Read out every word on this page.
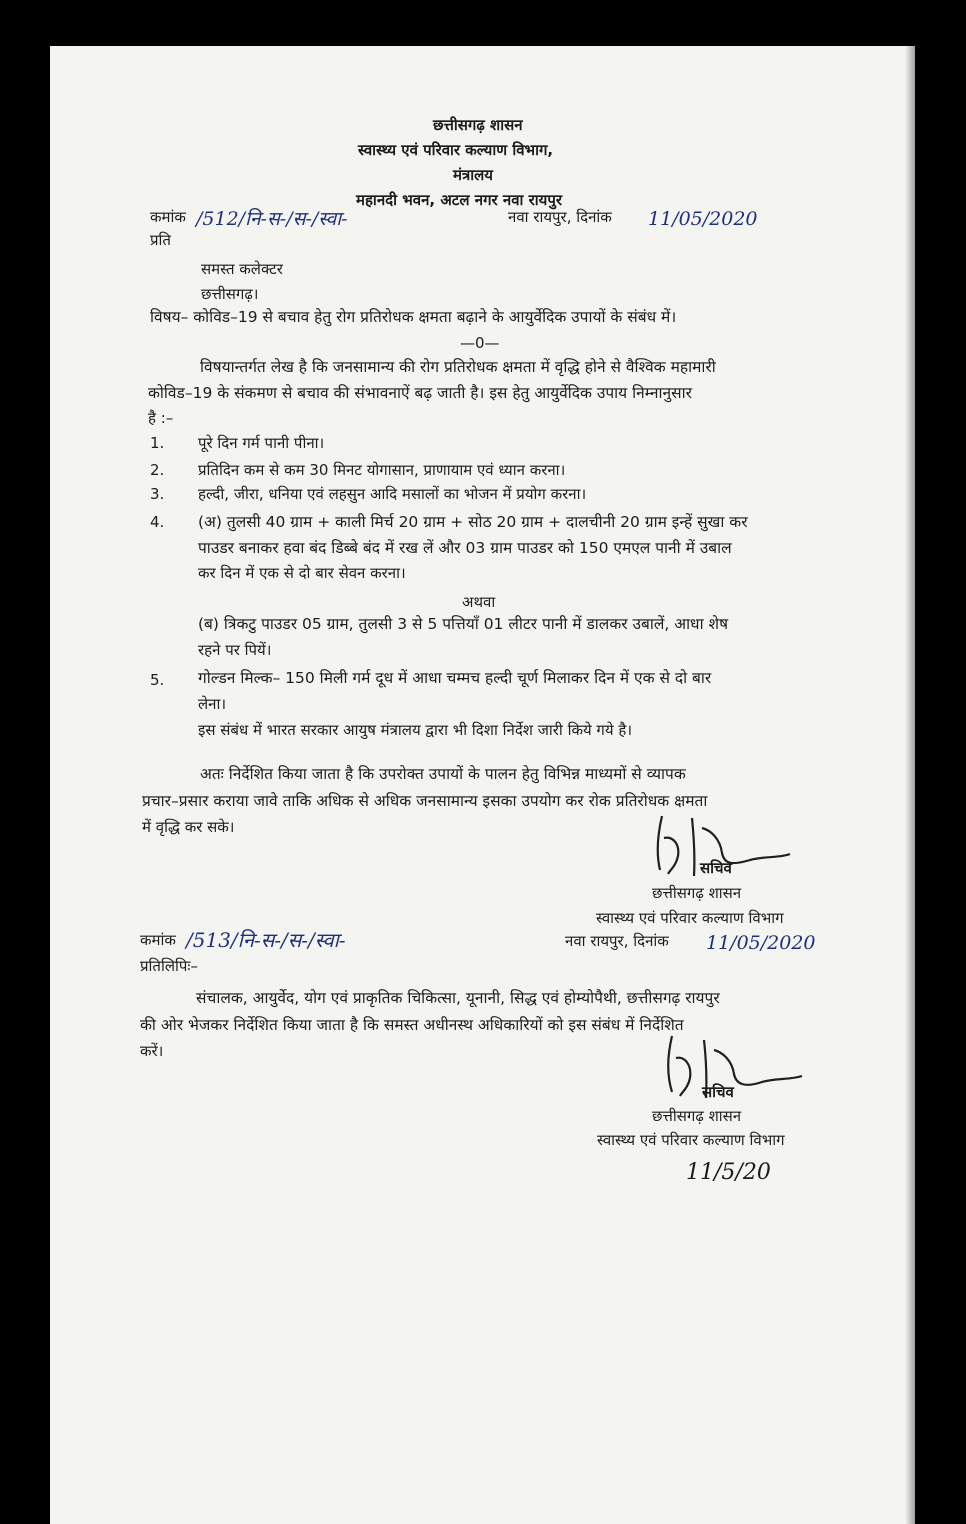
छत्तीसगढ़ शासन
स्वास्थ्य एवं परिवार कल्याण विभाग,
मंत्रालय
महानदी भवन, अटल नगर नवा रायपुर
कमांक /512/नि-स-/स-/स्वा-	नवा रायपुर, दिनांक 11/05/2020
प्रति
समस्त कलेक्टर
छत्तीसगढ़।
विषय– कोविड–19 से बचाव हेतु रोग प्रतिरोधक क्षमता बढ़ाने के आयुर्वेदिक उपायों के संबंध में।
—0—
विषयान्तर्गत लेख है कि जनसामान्य की रोग प्रतिरोधक क्षमता में वृद्धि होने से वैश्विक महामारी
कोविड–19 के संकमण से बचाव की संभावनाऐं बढ़ जाती है। इस हेतु आयुर्वेदिक उपाय निम्नानुसार
है :–
1. पूरे दिन गर्म पानी पीना।
2. प्रतिदिन कम से कम 30 मिनट योगासान, प्राणायाम एवं ध्यान करना।
3. हल्दी, जीरा, धनिया एवं लहसुन आदि मसालों का भोजन में प्रयोग करना।
4. (अ) तुलसी 40 ग्राम + काली मिर्च 20 ग्राम + सोठ 20 ग्राम + दालचीनी 20 ग्राम इन्हें सुखा कर
पाउडर बनाकर हवा बंद डिब्बे बंद में रख लें और 03 ग्राम पाउडर को 150 एमएल पानी में उबाल
कर दिन में एक से दो बार सेवन करना।
अथवा
(ब) त्रिकटु पाउडर 05 ग्राम, तुलसी 3 से 5 पत्तियाँ 01 लीटर पानी में डालकर उबालें, आधा शेष
रहने पर पियें।
5. गोल्डन मिल्क– 150 मिली गर्म दूध में आधा चम्मच हल्दी चूर्ण मिलाकर दिन में एक से दो बार
लेना।
इस संबंध में भारत सरकार आयुष मंत्रालय द्वारा भी दिशा निर्देश जारी किये गये है।
अतः निर्देशित किया जाता है कि उपरोक्त उपायों के पालन हेतु विभिन्न माध्यमों से व्यापक
प्रचार–प्रसार कराया जावे ताकि अधिक से अधिक जनसामान्य इसका उपयोग कर रोक प्रतिरोधक क्षमता
में वृद्धि कर सके।
सचिव
छत्तीसगढ़ शासन
स्वास्थ्य एवं परिवार कल्याण विभाग
कमांक /513/नि-स-/स-/स्वा-	नवा रायपुर, दिनांक 11/05/2020
प्रतिलिपिः–
संचालक, आयुर्वेद, योग एवं प्राकृतिक चिकित्सा, यूनानी, सिद्ध एवं होम्योपैथी, छत्तीसगढ़ रायपुर
की ओर भेजकर निर्देशित किया जाता है कि समस्त अधीनस्थ अधिकारियों को इस संबंध में निर्देशित
करें।
सचिव
छत्तीसगढ़ शासन
स्वास्थ्य एवं परिवार कल्याण विभाग
11/5/20
